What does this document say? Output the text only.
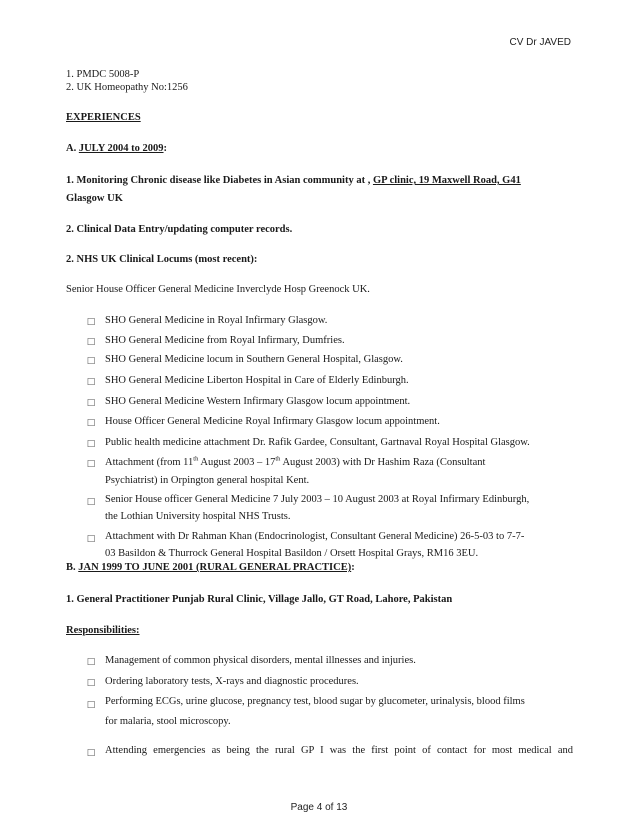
CV Dr JAVED
1. PMDC 5008-P
2. UK Homeopathy No:1256
EXPERIENCES
A. JULY 2004 to 2009:
1. Monitoring Chronic disease like Diabetes in Asian community at , GP clinic, 19 Maxwell Road, G41
Glasgow UK
2. Clinical Data Entry/updating computer records.
2. NHS UK Clinical Locums (most recent):
Senior House Officer General Medicine Inverclyde Hosp Greenock UK.
□
SHO General Medicine in Royal Infirmary Glasgow.
□
SHO General Medicine from Royal Infirmary, Dumfries.
□
SHO General Medicine locum in Southern General Hospital, Glasgow.
□
SHO General Medicine Liberton Hospital in Care of Elderly Edinburgh.
□
SHO General Medicine Western Infirmary Glasgow locum appointment.
□
House Officer General Medicine Royal Infirmary Glasgow locum appointment.
□
Public health medicine attachment Dr. Rafik Gardee, Consultant, Gartnaval Royal Hospital Glasgow.
□
Attachment (from 11th August 2003 – 17th August 2003) with Dr Hashim Raza (Consultant
Psychiatrist) in Orpington general hospital Kent.
□
Senior House officer General Medicine 7 July 2003 – 10 August 2003 at Royal Infirmary Edinburgh,
the Lothian University hospital NHS Trusts.
□
Attachment with Dr Rahman Khan (Endocrinologist, Consultant General Medicine) 26-5-03 to 7-7-
03 Basildon & Thurrock General Hospital Basildon / Orsett Hospital Grays, RM16 3EU.
B. JAN 1999 TO JUNE 2001 (RURAL GENERAL PRACTICE):
1. General Practitioner Punjab Rural Clinic, Village Jallo, GT Road, Lahore, Pakistan
Responsibilities:
□
Management of common physical disorders, mental illnesses and injuries.
□
Ordering laboratory tests, X-rays and diagnostic procedures.
□
Performing ECGs, urine glucose, pregnancy test, blood sugar by glucometer, urinalysis, blood films
for malaria, stool microscopy.
□
Attending emergencies as being the rural GP I was the first point of contact for most medical and
Page 4 of 13
